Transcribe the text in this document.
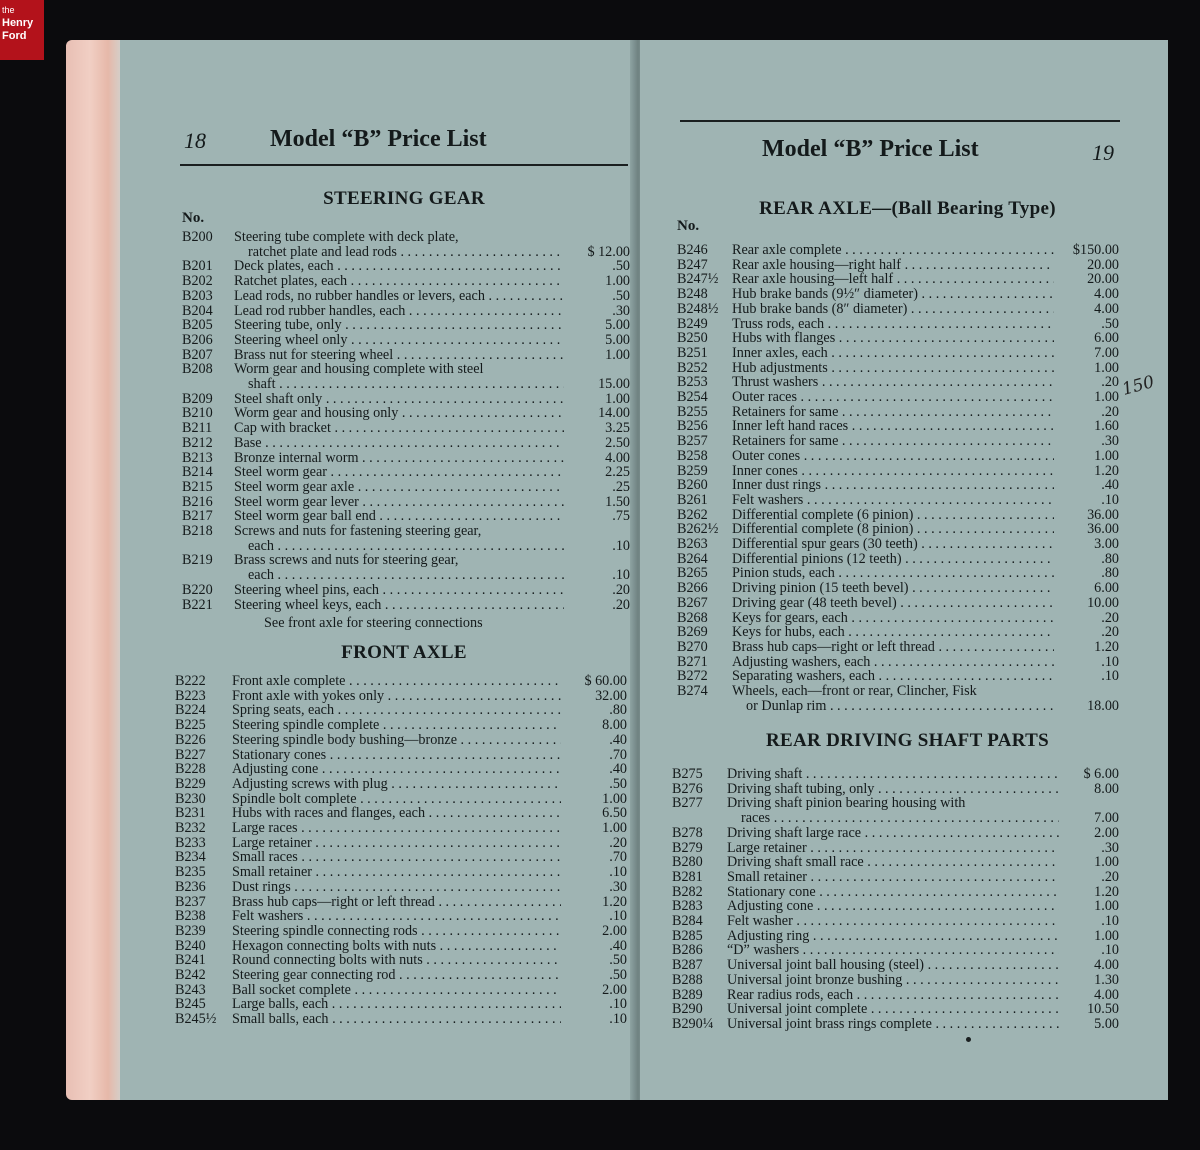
the
Henry
Ford
18	Model “B” Price List
STEERING GEAR
No.
B200	Steering tube complete with deck plate,
ratchet plate and lead rods . . .	$ 12.00
B201	Deck plates, each . . .	.50
B202	Ratchet plates, each . . .	1.00
B203	Lead rods, no rubber handles or levers, each . . .	.50
B204	Lead rod rubber handles, each . . .	.30
B205	Steering tube, only . . .	5.00
B206	Steering wheel only . . .	5.00
B207	Brass nut for steering wheel . . .	1.00
B208	Worm gear and housing complete with steel
shaft . . .	15.00
B209	Steel shaft only . . .	1.00
B210	Worm gear and housing only . . .	14.00
B211	Cap with bracket . . .	3.25
B212	Base . . .	2.50
B213	Bronze internal worm . . .	4.00
B214	Steel worm gear . . .	2.25
B215	Steel worm gear axle . . .	.25
B216	Steel worm gear lever . . .	1.50
B217	Steel worm gear ball end . . .	.75
B218	Screws and nuts for fastening steering gear,
each . . .	.10
B219	Brass screws and nuts for steering gear,
each . . .	.10
B220	Steering wheel pins, each . . .	.20
B221	Steering wheel keys, each . . .	.20
See front axle for steering connections
FRONT AXLE
B222	Front axle complete . . .	$ 60.00
B223	Front axle with yokes only . . .	32.00
B224	Spring seats, each . . .	.80
B225	Steering spindle complete . . .	8.00
B226	Steering spindle body bushing—bronze . . .	.40
B227	Stationary cones . . .	.70
B228	Adjusting cone . . .	.40
B229	Adjusting screws with plug . . .	.50
B230	Spindle bolt complete . . .	1.00
B231	Hubs with races and flanges, each . . .	6.50
B232	Large races . . .	1.00
B233	Large retainer . . .	.20
B234	Small races . . .	.70
B235	Small retainer . . .	.10
B236	Dust rings . . .	.30
B237	Brass hub caps—right or left thread . . .	1.20
B238	Felt washers . . .	.10
B239	Steering spindle connecting rods . . .	2.00
B240	Hexagon connecting bolts with nuts . . .	.40
B241	Round connecting bolts with nuts . . .	.50
B242	Steering gear connecting rod . . .	.50
B243	Ball socket complete . . .	2.00
B245	Large balls, each . . .	.10
B245½	Small balls, each . . .	.10
Model “B” Price List	19
REAR AXLE—(Ball Bearing Type)
No.
B246	Rear axle complete . . .	$150.00
B247	Rear axle housing—right half . . .	20.00
B247½ Rear axle housing—left half . . .	20.00
B248	Hub brake bands (9½″ diameter) . . .	4.00
B248½ Hub brake bands (8″ diameter) . . .	4.00
B249	Truss rods, each . . .	.50
B250	Hubs with flanges . . .	6.00
B251	Inner axles, each . . .	7.00
B252	Hub adjustments . . .	1.00
B253	Thrust washers . . .	.20
B254	Outer races . . .	1.00
B255	Retainers for same . . .	.20
B256	Inner left hand races . . .	1.60
B257	Retainers for same . . .	.30
B258	Outer cones . . .	1.00
B259	Inner cones . . .	1.20
B260	Inner dust rings . . .	.40
B261	Felt washers . . .	.10
B262	Differential complete (6 pinion) . . .	36.00
B262½ Differential complete (8 pinion) . . .	36.00
B263	Differential spur gears (30 teeth) . . .	3.00
B264	Differential pinions (12 teeth) . . .	.80
B265	Pinion studs, each . . .	.80
B266	Driving pinion (15 teeth bevel) . . .	6.00
B267	Driving gear (48 teeth bevel) . . .	10.00
B268	Keys for gears, each . . .	.20
B269	Keys for hubs, each . . .	.20
B270	Brass hub caps—right or left thread . . .	1.20
B271	Adjusting washers, each . . .	.10
B272	Separating washers, each . . .	.10
B274	Wheels, each—front or rear, Clincher, Fisk
or Dunlap rim . . .	18.00
150
REAR DRIVING SHAFT PARTS
B275	Driving shaft . . .	$ 6.00
B276	Driving shaft tubing, only . . .	8.00
B277	Driving shaft pinion bearing housing with
races . . .	7.00
B278	Driving shaft large race . . .	2.00
B279	Large retainer . . .	.30
B280	Driving shaft small race . . .	1.00
B281	Small retainer . . .	.20
B282	Stationary cone . . .	1.20
B283	Adjusting cone . . .	1.00
B284	Felt washer . . .	.10
B285	Adjusting ring . . .	1.00
B286	“D” washers . . .	.10
B287	Universal joint ball housing (steel) . . .	4.00
B288	Universal joint bronze bushing . . .	1.30
B289	Rear radius rods, each . . .	4.00
B290	Universal joint complete . . .	10.50
B290¼ Universal joint brass rings complete . . .	5.00
